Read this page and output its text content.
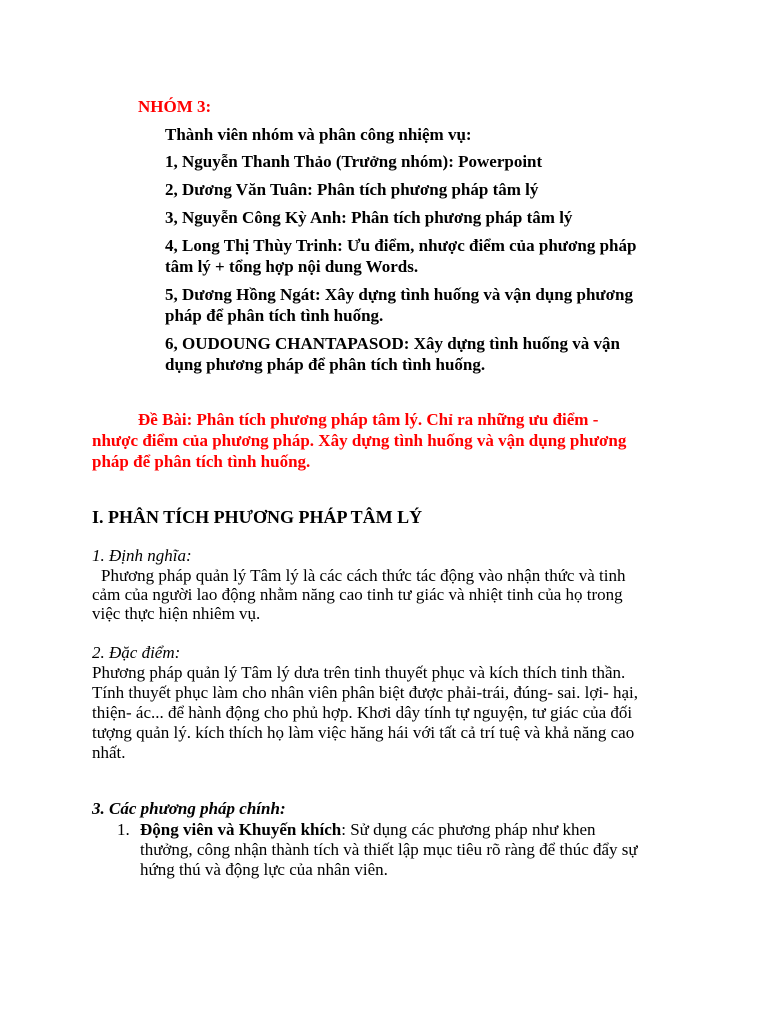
NHÓM 3:
Thành viên nhóm và phân công nhiệm vụ:
1, Nguyễn Thanh Thảo (Trưởng nhóm): Powerpoint
2, Dương Văn Tuân: Phân tích phương pháp tâm lý
3, Nguyễn Công Kỳ Anh: Phân tích phương pháp tâm lý
4, Long Thị Thùy Trinh: Ưu điểm, nhược điểm của phương pháp
tâm lý + tổng hợp nội dung Words.
5, Dương Hồng Ngát: Xây dựng tình huống và vận dụng phương
pháp để phân tích tình huống.
6, OUDOUNG CHANTAPASOD: Xây dựng tình huống và vận
dụng phương pháp để phân tích tình huống.
Đề Bài: Phân tích phương pháp tâm lý. Chỉ ra những ưu điểm -
nhược điểm của phương pháp. Xây dựng tình huống và vận dụng phương
pháp để phân tích tình huống.
I. PHÂN TÍCH PHƯƠNG PHÁP TÂM LÝ
1. Định nghĩa:
Phương pháp quản lý Tâm lý là các cách thức tác động vào nhận thức và tinh
cảm của người lao động nhằm năng cao tinh tư giác và nhiệt tinh của họ trong
việc thực hiện nhiêm vụ.
2. Đặc điểm:
Phương pháp quản lý Tâm lý dưa trên tinh thuyết phục và kích thích tinh thần.
Tính thuyết phục làm cho nhân viên phân biệt được phải-trái, đúng- sai. lợi- hại,
thiện- ác... để hành động cho phủ hợp. Khơi dây tính tự nguyện, tư giác của đối
tượng quản lý. kích thích họ làm việc hăng hái với tất cả trí tuệ và khả năng cao
nhất.
3. Các phương pháp chính:
1. Động viên và Khuyến khích: Sử dụng các phương pháp như khen
thưởng, công nhận thành tích và thiết lập mục tiêu rõ ràng để thúc đẩy sự
hứng thú và động lực của nhân viên.
